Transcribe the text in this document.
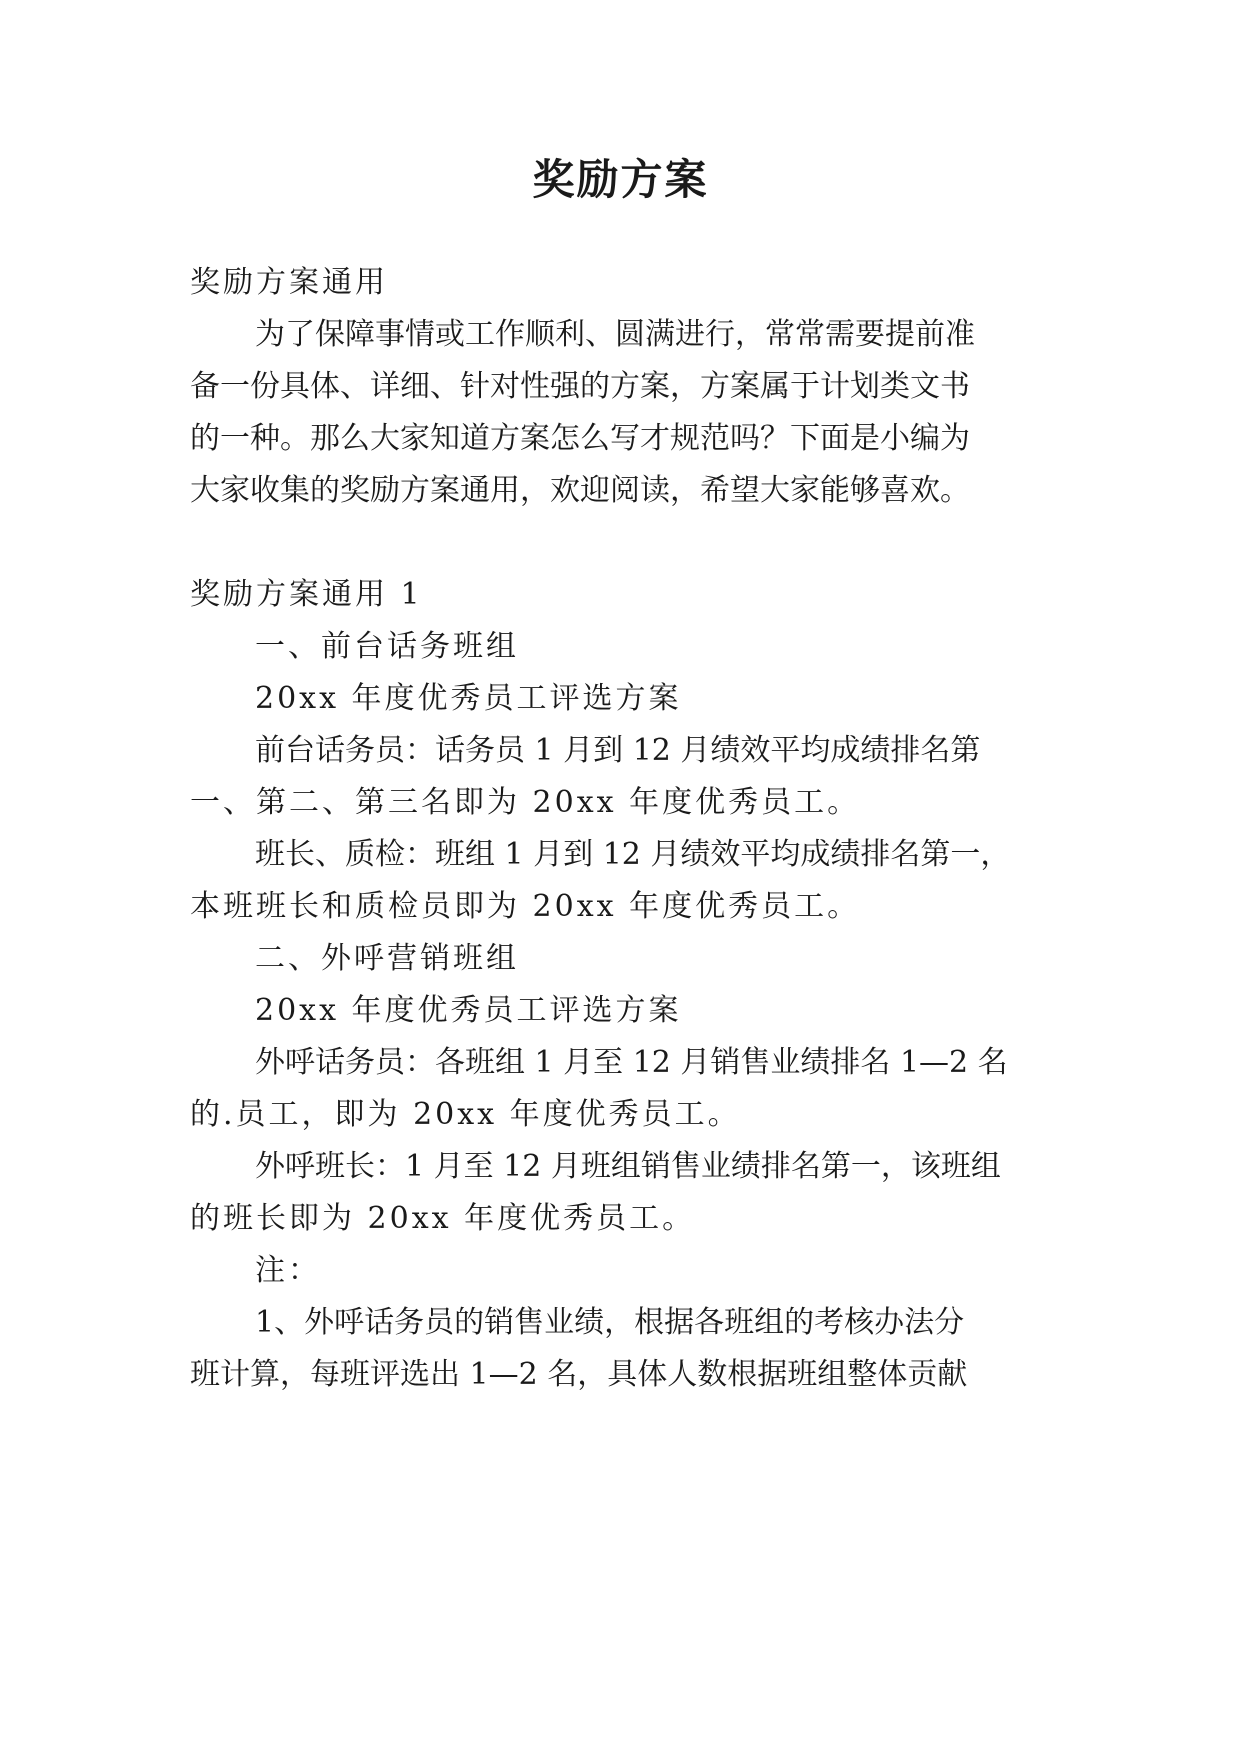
奖励方案

奖励方案通用

为了保障事情或工作顺利、圆满进行，常常需要提前准

备一份具体、详细、针对性强的方案，方案属于计划类文书

的一种。那么大家知道方案怎么写才规范吗？下面是小编为

大家收集的奖励方案通用，欢迎阅读，希望大家能够喜欢。

奖励方案通用 1

一、前台话务班组

20xx 年度优秀员工评选方案

前台话务员：话务员 1 月到 12 月绩效平均成绩排名第

一、第二、第三名即为 20xx 年度优秀员工。

班长、质检：班组 1 月到 12 月绩效平均成绩排名第一，

本班班长和质检员即为 20xx 年度优秀员工。

二、外呼营销班组

20xx 年度优秀员工评选方案

外呼话务员：各班组 1 月至 12 月销售业绩排名 1—2 名

的.员工，即为 20xx 年度优秀员工。

外呼班长：1 月至 12 月班组销售业绩排名第一，该班组

的班长即为 20xx 年度优秀员工。

注：

1、外呼话务员的销售业绩，根据各班组的考核办法分

班计算，每班评选出 1—2 名，具体人数根据班组整体贡献
